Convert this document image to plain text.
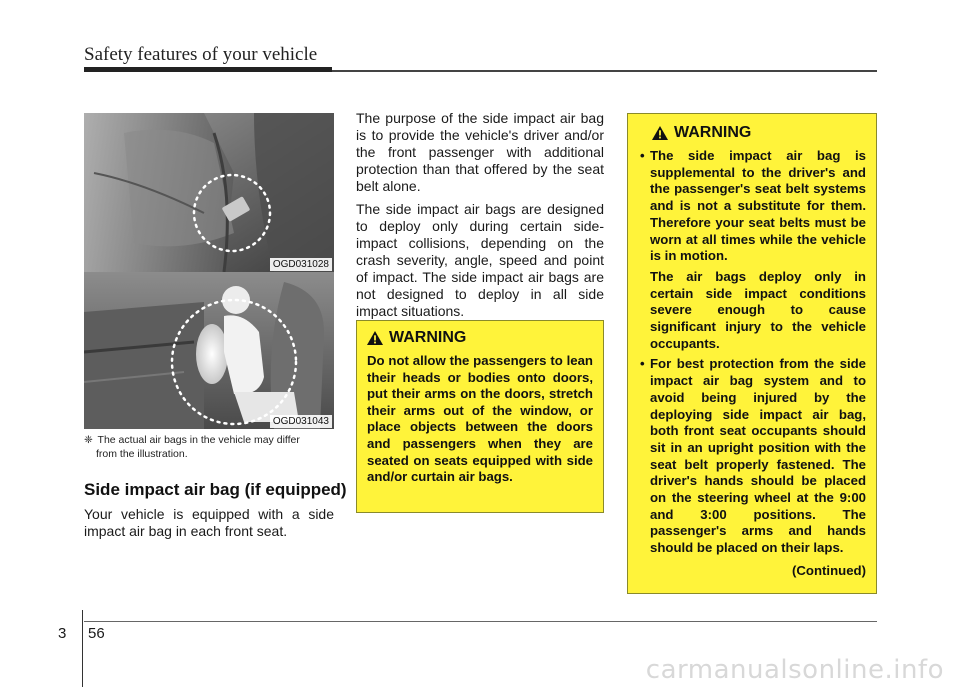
Safety features of your vehicle
OGD031028
OGD031043
❈ The actual air bags in the vehicle may differ
from the illustration.
Side impact air bag (if equipped)
Your vehicle is equipped with a side impact air bag in each front seat.

The purpose of the side impact air bag is to provide the vehicle's driver and/or the front passenger with additional protection than that offered by the seat belt alone.

The side impact air bags are designed to deploy only during certain side-impact collisions, depending on the crash severity, angle, speed and point of impact. The side impact air bags are not designed to deploy in all side impact situations.

WARNING
Do not allow the passengers to lean their heads or bodies onto doors, put their arms on the doors, stretch their arms out of the window, or place objects between the doors and passengers when they are seated on seats equipped with side and/or curtain air bags.
WARNING
• The side impact air bag is supplemental to the driver's and the passenger's seat belt systems and is not a substitute for them. Therefore your seat belts must be worn at all times while the vehicle is in motion.

The air bags deploy only in certain side impact conditions severe enough to cause significant injury to the vehicle occupants.

• For best protection from the side impact air bag system and to avoid being injured by the deploying side impact air bag, both front seat occupants should sit in an upright position with the seat belt properly fastened. The driver's hands should be placed on the steering wheel at the 9:00 and 3:00 positions. The passenger's arms and hands should be placed on their laps.

(Continued)
3 56
carmanualsonline.info
